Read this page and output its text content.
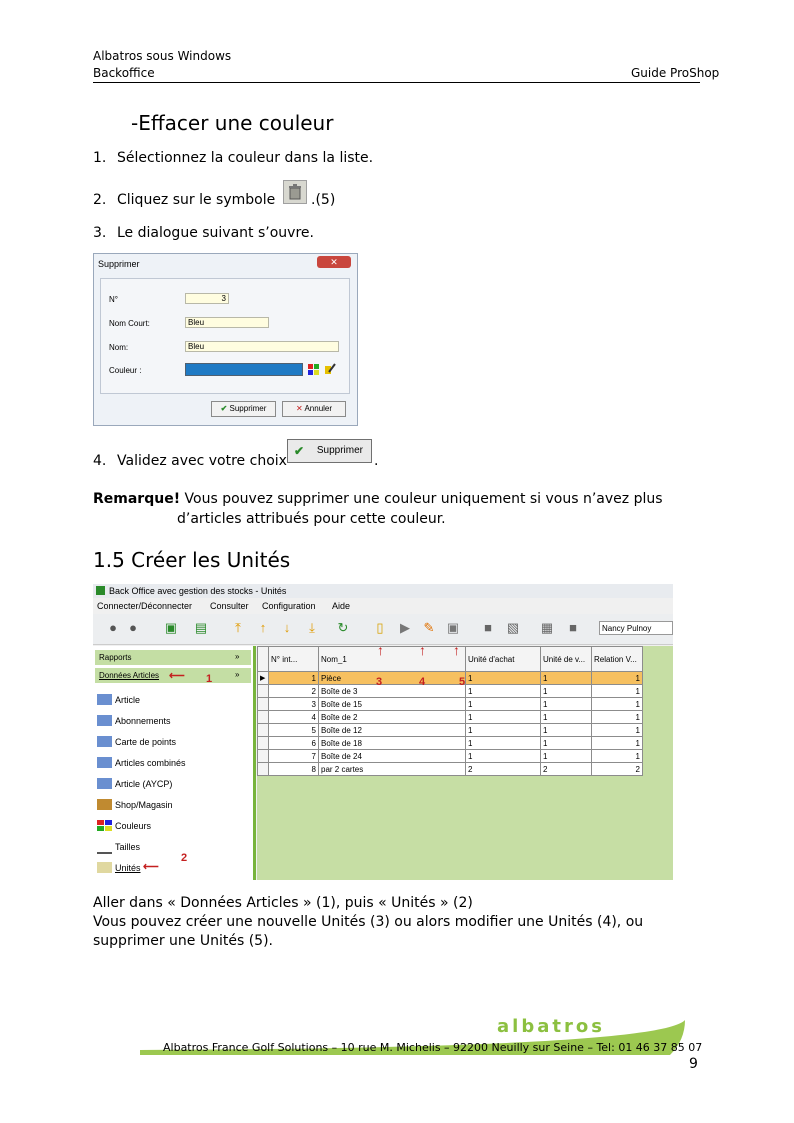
Albatros sous Windows
Backoffice	Guide ProShop
-Effacer une couleur
1. Sélectionnez la couleur dans la liste.
2. Cliquez sur le symbole	.(5)
3. Le dialogue suivant s’ouvre.
Supprimer	✕
N°	3
Nom Court:	Bleu
Nom:	Bleu
Couleur :
✔ Supprimer	✕ Annuler
4. Validez avec votre choix
✔ Supprimer
.
Remarque! Vous pouvez supprimer une couleur uniquement si vous n’avez plus
d’articles attribués pour cette couleur.
1.5 Créer les Unités
Back Office avec gestion des stocks - Unités
Connecter/Déconnecter Consulter Configuration Aide
● ●	▣ ▤	⤒	↑	↓	⤓	↻	▯	▶ ✎ ▣	■	▧ ▦	■	Nancy Pulnoy
Rapports	»
Données Articles	»
Article
Abonnements
Carte de points
Articles combinés
Article (AYCP)
Shop/Magasin
Couleurs
Tailles
Unités
⟵ 1
⟵
2
	N° int...	Nom_1	Unité d'achat	Unité de v...	Relation V...
▶	1	Pièce	1	1	1
	2	Boîte de 3	1	1	1
	3	Boîte de 15	1	1	1
	4	Boîte de 2	1	1	1
	5	Boîte de 12	1	1	1
	6	Boîte de 18	1	1	1
	7	Boîte de 24	1	1	1
	8	par 2 cartes	2	2	2
↑
3
↑
4
↑
5
Aller dans « Données Articles » (1), puis « Unités » (2)
Vous pouvez créer une nouvelle Unités (3) ou alors modifier une Unités (4), ou
supprimer une Unités (5).
albatros
Albatros France Golf Solutions – 10 rue M. Michelis – 92200 Neuilly sur Seine – Tel: 01 46 37 85 07
9
